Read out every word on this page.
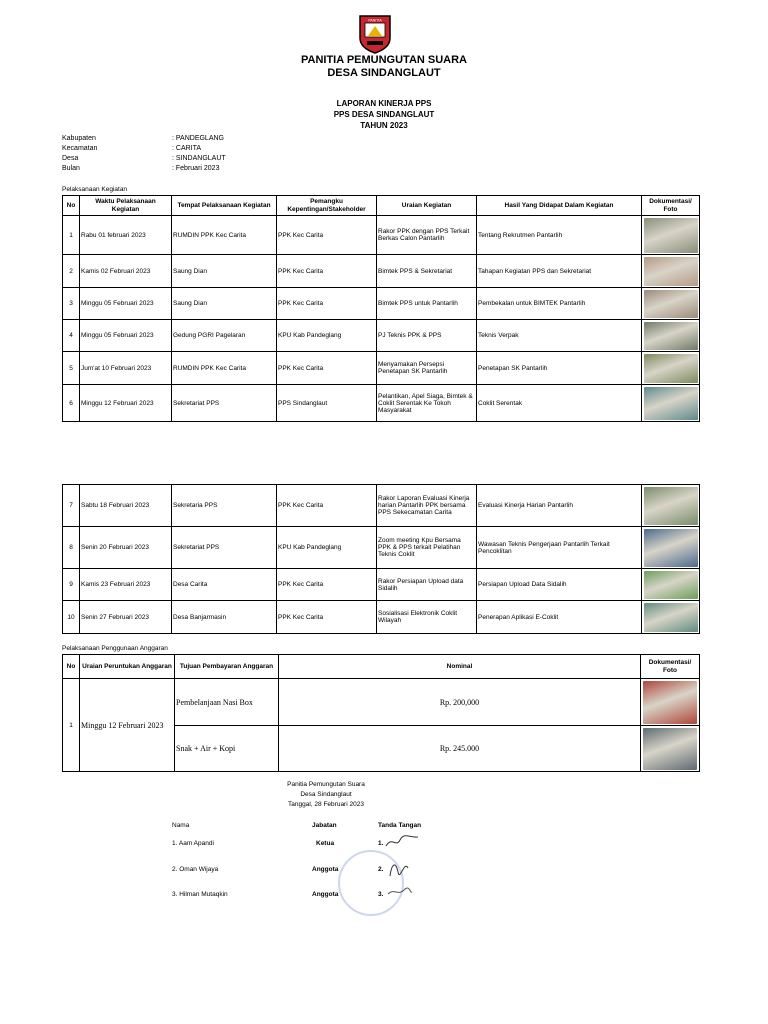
PANITIA
PANITIA PEMUNGUTAN SUARA
DESA SINDANGLAUT
LAPORAN KINERJA PPS
PPS DESA SINDANGLAUT
TAHUN 2023
Kabupaten	: PANDEGLANG
Kecamatan	: CARITA
Desa	: SINDANGLAUT
Bulan	: Februari 2023
Pelaksanaan Kegiatan
No	Waktu Pelaksanaan Kegiatan	Tempat Pelaksanaan Kegiatan	Pemangku Kepentingan/Stakeholder	Uraian Kegiatan	Hasil Yang Didapat Dalam Kegiatan	Dokumentasi/ Foto
1	Rabu 01 februari 2023	RUMDIN PPK Kec Carita	PPK Kec Carita	Rakor PPK dengan PPS Terkait Berkas Calon Pantarlih	Tentang Rekrutmen Pantarlih	

2	Kamis 02 Februari 2023	Saung Dian	PPK Kec Carita	Bimtek PPS & Sekretariat	Tahapan Kegiatan PPS dan Sekretariat	

3	Minggu 05 Februari 2023	Saung Dian	PPK Kec Carita	Bimtek PPS untuk Pantarlih	Pembekalan untuk BIMTEK Pantarlih	

4	Minggu 05 Februari 2023	Gedung PGRI Pagelaran	KPU Kab Pandeglang	PJ Teknis PPK & PPS	Teknis Verpak	

5	Jum'at 10 Februari 2023	RUMDIN PPK Kec Carita	PPK Kec Carita	Menyamakan Persepsi Penetapan SK Pantarlih	Penetapan SK Pantarlih	

6	Minggu 12 Februari 2023	Sekretariat PPS	PPS Sindanglaut	Pelantikan, Apel Siaga, Bimtek & Coklit Serentak Ke Tokoh Masyarakat	Coklit Serentak	
7	Sabtu 18 Februari 2023	Sekretaria PPS	PPK Kec Carita	Rakor Laporan Evaluasi Kinerja harian Pantarlih PPK bersama PPS Sekecamatan Carita	Evaluasi Kinerja Harian Pantarlih	

8	Senin 20 Februari 2023	Sekretariat PPS	KPU Kab Pandeglang	Zoom meeting Kpu Bersama PPK & PPS terkait Pelatihan Teknis Coklit	Wawasan Teknis Pengerjaan Pantarlih Terkait Pencoklitan	

9	Kamis 23 Februari 2023	Desa Carita	PPK Kec Carita	Rakor Persiapan Upload data Sidalih	Persiapan Upload Data Sidalih	

10	Senin 27 Februari 2023	Desa Banjarmasin	PPK Kec Carita	Sosialisasi Elektronik Coklit Wilayah	Penerapan Aplikasi E-Coklit	
Pelaksanaan Penggunaan Anggaran
No	Uraian Peruntukan Anggaran	Tujuan Pembayaran Anggaran	Nominal	Dokumentasi/ Foto
1	Minggu 12 Februari 2023	Pembelanjaan Nasi Box	Rp. 200,000	

		Snak + Air + Kopi	Rp. 245.000	
Panitia Pemungutan Suara
Desa Sindanglaut
Tanggal, 28 Februari 2023
Nama	Jabatan	Tanda Tangan
1. Aam Apandi	Ketua	1.
2. Oman Wijaya	Anggota	2.
3. Hilman Mutaqkin	Anggota	3.
